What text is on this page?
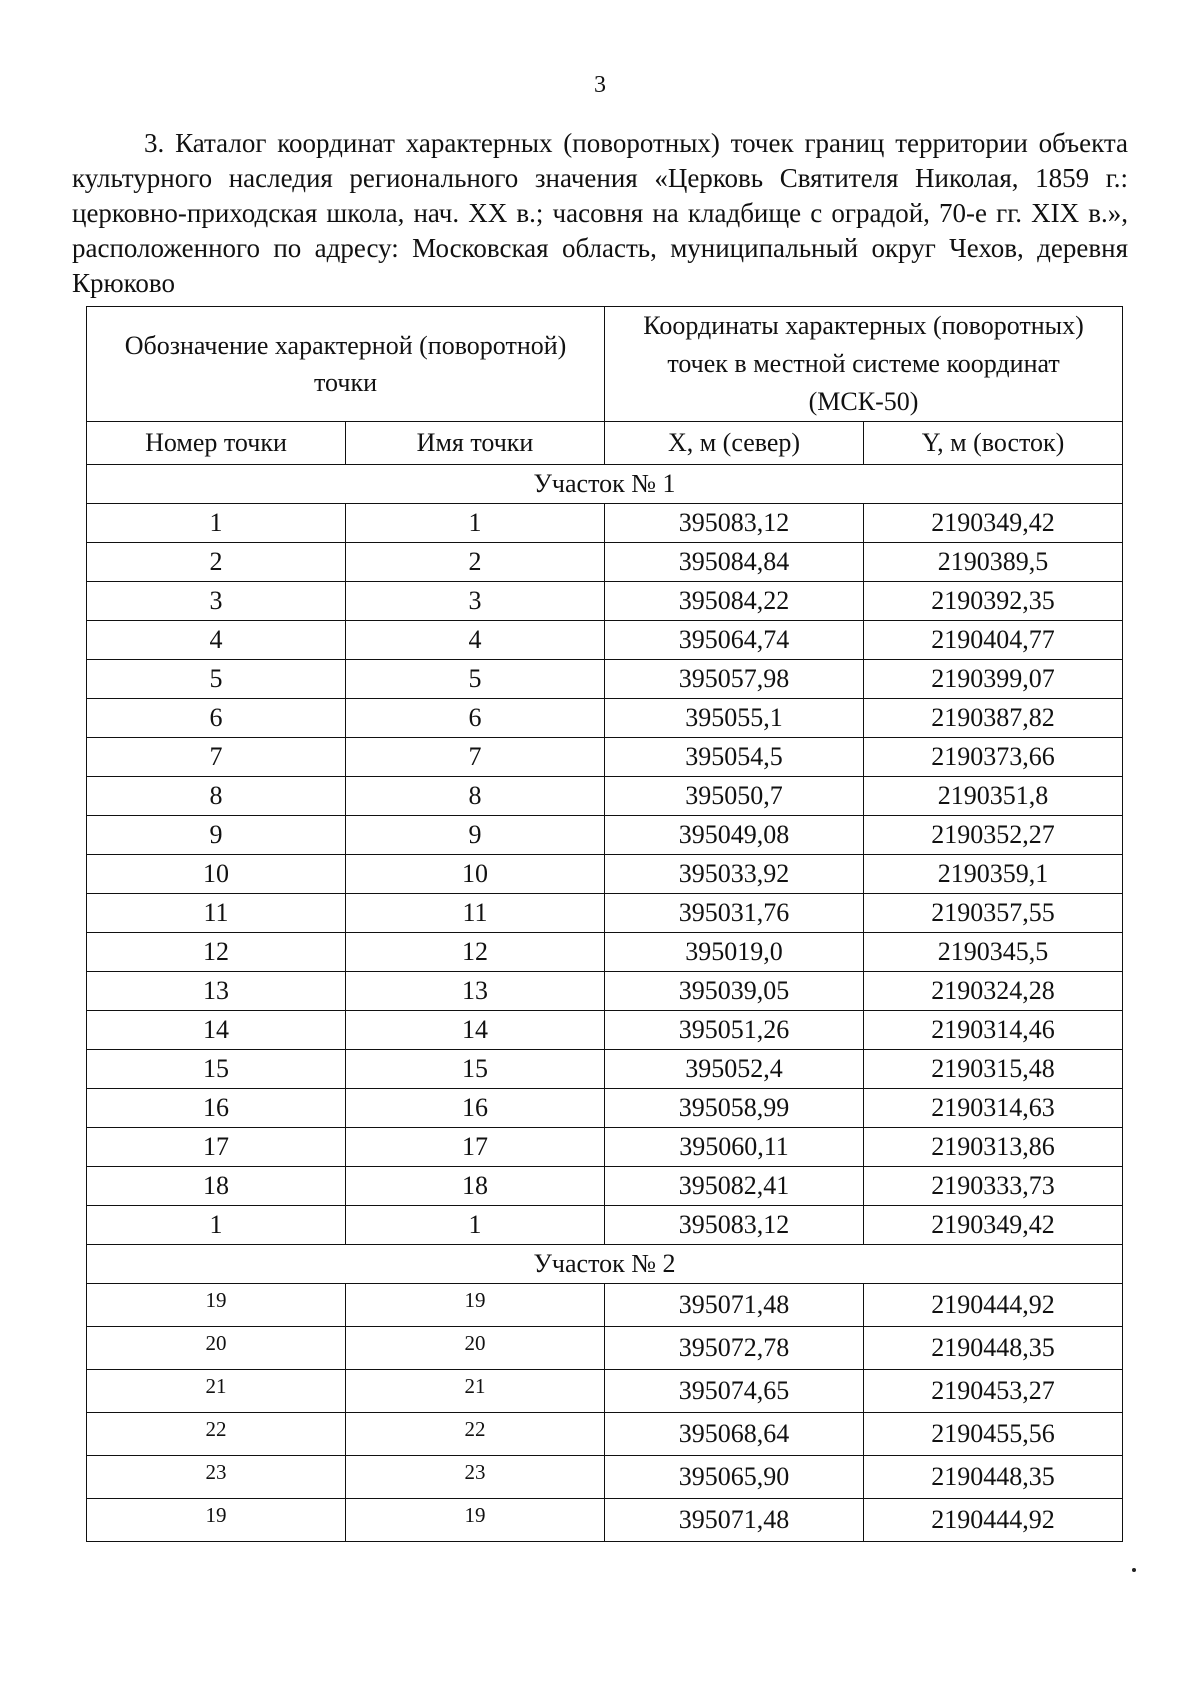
3

3. Каталог координат характерных (поворотных) точек границ территории объекта культурного наследия регионального значения «Церковь Святителя Николая, 1859 г.: церковно-приходская школа, нач. XX в.; часовня на кладбище с оградой, 70-е гг. XIX в.», расположенного по адресу: Московская область, муниципальный округ Чехов, деревня Крюково

Обозначение характерной (поворотной) точки		Координаты характерных (поворотных) точек в местной системе координат (МСК-50)	
Номер точки	Имя точки	X, м (север)	Y, м (восток)
Участок № 1			
1	1	395083,12	2190349,42
2	2	395084,84	2190389,5
3	3	395084,22	2190392,35
4	4	395064,74	2190404,77
5	5	395057,98	2190399,07
6	6	395055,1	2190387,82
7	7	395054,5	2190373,66
8	8	395050,7	2190351,8
9	9	395049,08	2190352,27
10	10	395033,92	2190359,1
11	11	395031,76	2190357,55
12	12	395019,0	2190345,5
13	13	395039,05	2190324,28
14	14	395051,26	2190314,46
15	15	395052,4	2190315,48
16	16	395058,99	2190314,63
17	17	395060,11	2190313,86
18	18	395082,41	2190333,73
1	1	395083,12	2190349,42
Участок № 2			
19	19	395071,48	2190444,92
20	20	395072,78	2190448,35
21	21	395074,65	2190453,27
22	22	395068,64	2190455,56
23	23	395065,90	2190448,35
19	19	395071,48	2190444,92
